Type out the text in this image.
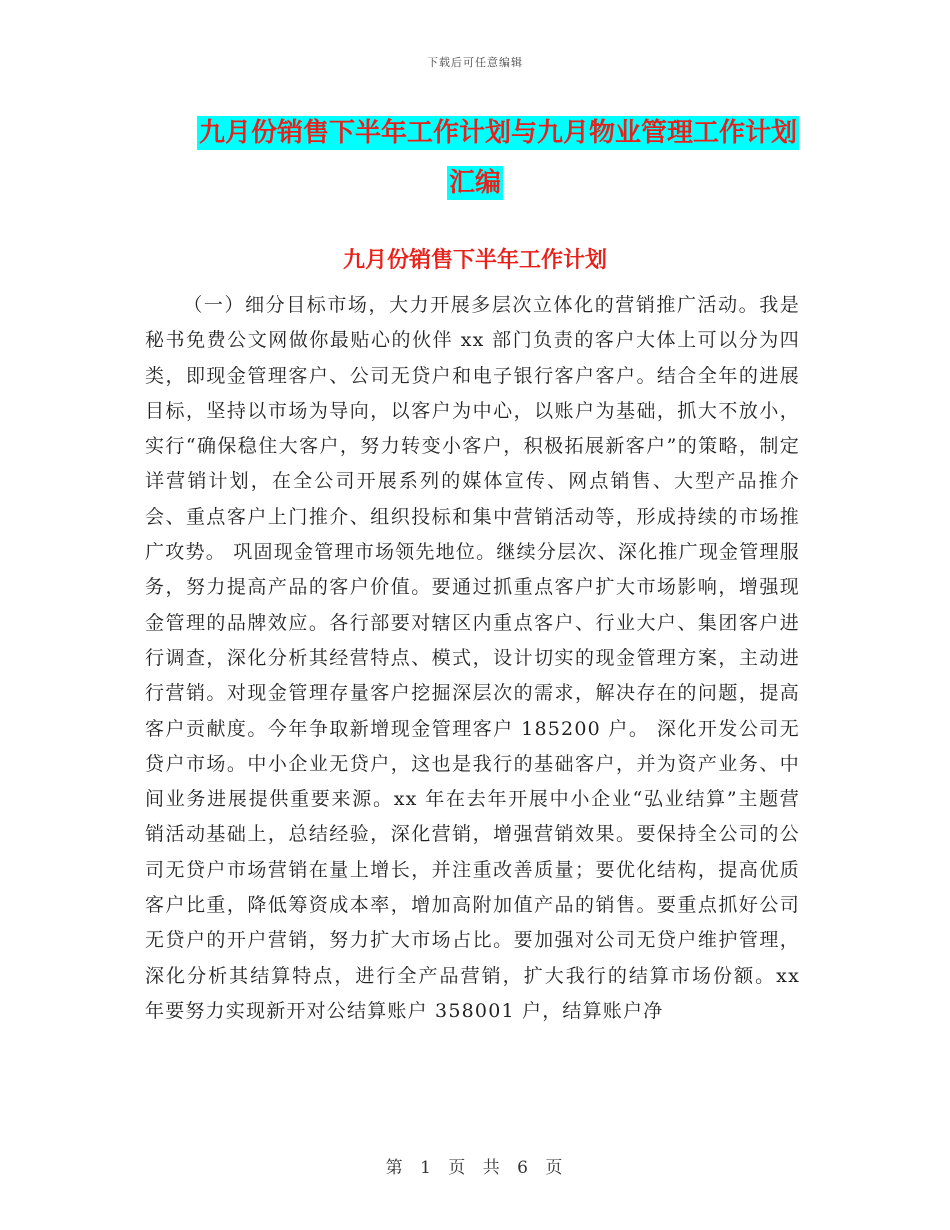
下载后可任意编辑
九月份销售下半年工作计划与九月物业管理工作计划
汇编
九月份销售下半年工作计划

（一）细分目标市场，大力开展多层次立体化的营销推广活动。我是秘书免费公文网做你最贴心的伙伴 xx 部门负责的客户大体上可以分为四类，即现金管理客户、公司无贷户和电子银行客户客户。结合全年的进展目标，坚持以市场为导向，以客户为中心，以账户为基础，抓大不放小，实行“确保稳住大客户，努力转变小客户，积极拓展新客户”的策略，制定详营销计划，在全公司开展系列的媒体宣传、网点销售、大型产品推介会、重点客户上门推介、组织投标和集中营销活动等，形成持续的市场推广攻势。 巩固现金管理市场领先地位。继续分层次、深化推广现金管理服务，努力提高产品的客户价值。要通过抓重点客户扩大市场影响，增强现金管理的品牌效应。各行部要对辖区内重点客户、行业大户、集团客户进行调查，深化分析其经营特点、模式，设计切实的现金管理方案，主动进行营销。对现金管理存量客户挖掘深层次的需求，解决存在的问题，提高客户贡献度。今年争取新增现金管理客户 185200 户。 深化开发公司无贷户市场。中小企业无贷户，这也是我行的基础客户，并为资产业务、中间业务进展提供重要来源。xx 年在去年开展中小企业“弘业结算”主题营销活动基础上，总结经验，深化营销，增强营销效果。要保持全公司的公司无贷户市场营销在量上增长，并注重改善质量；要优化结构，提高优质客户比重，降低筹资成本率，增加高附加值产品的销售。要重点抓好公司无贷户的开户营销，努力扩大市场占比。要加强对公司无贷户维护管理，深化分析其结算特点，进行全产品营销，扩大我行的结算市场份额。xx 年要努力实现新开对公结算账户 358001 户，结算账户净

第 1 页 共 6 页
